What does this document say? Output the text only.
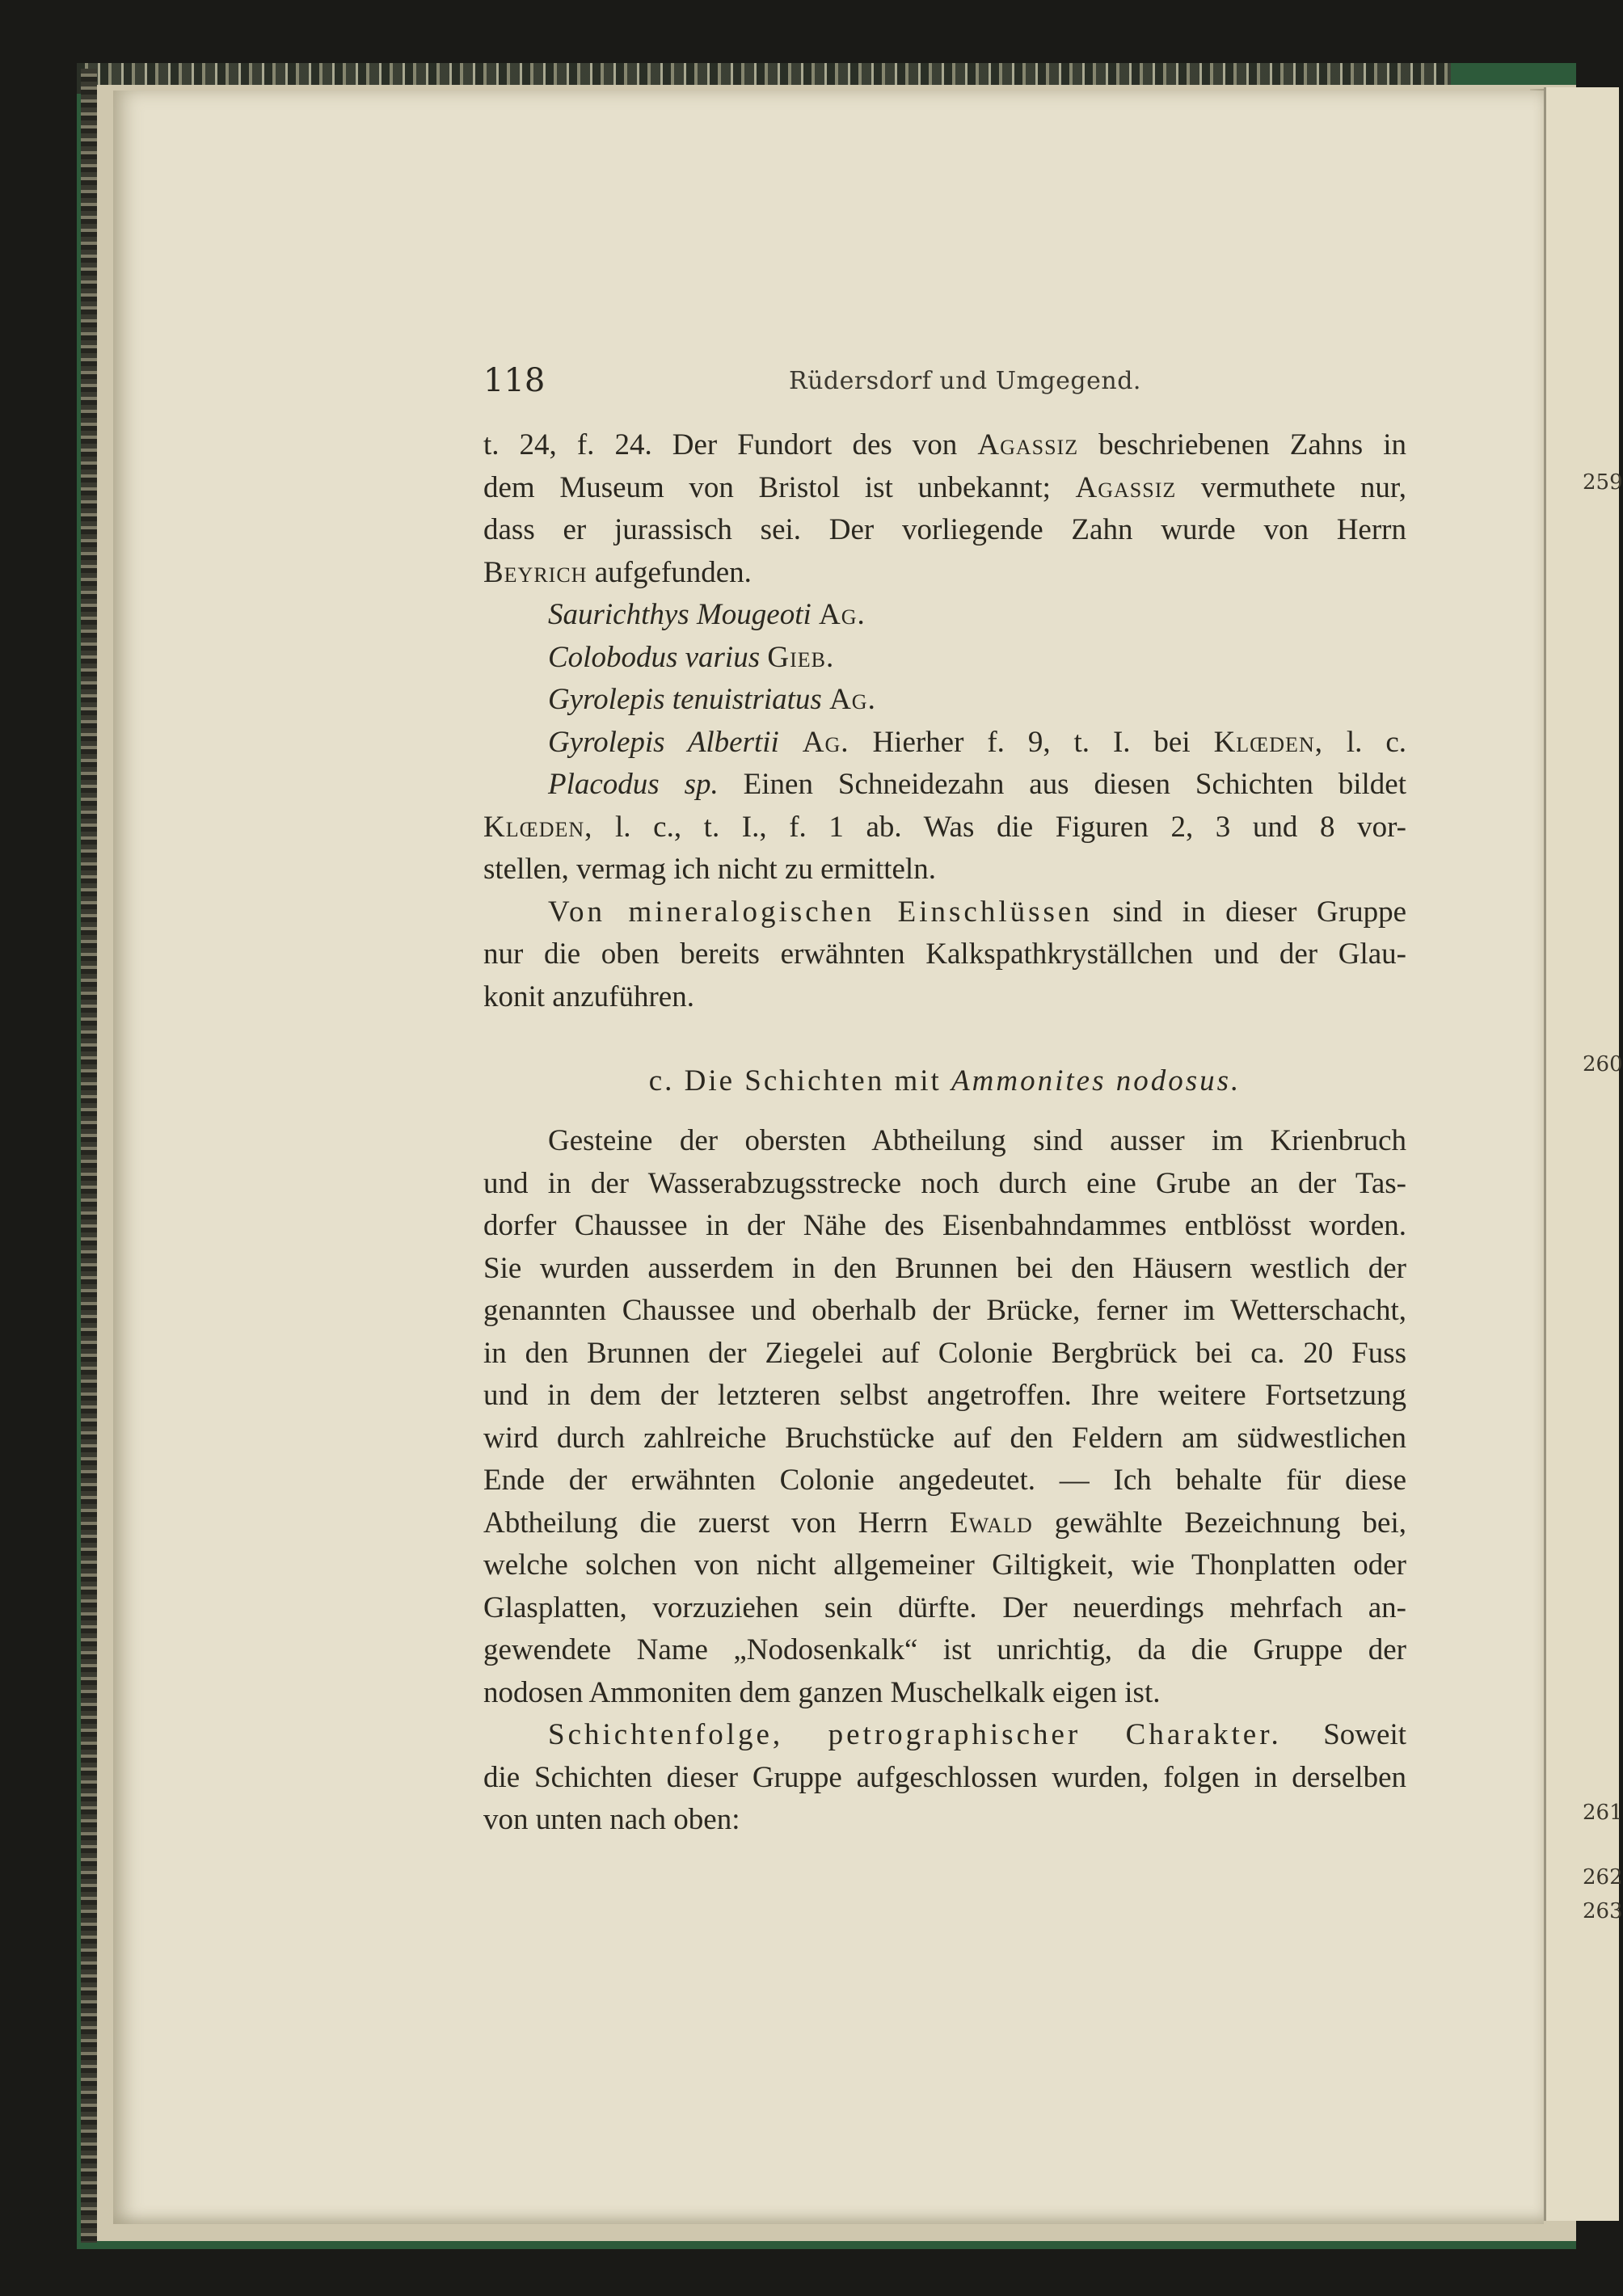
259
260
261
262
263
118	Rüdersdorf und Umgegend.
t. 24, f. 24. Der Fundort des von Agassiz beschriebenen Zahns in
dem Museum von Bristol ist unbekannt; Agassiz vermuthete nur,
dass er jurassisch sei. Der vorliegende Zahn wurde von Herrn
Beyrich aufgefunden.
Saurichthys Mougeoti Ag.
Colobodus varius Gieb.
Gyrolepis tenuistriatus Ag.
Gyrolepis Albertii Ag. Hierher f. 9, t. I. bei Klœden, l. c.
Placodus sp. Einen Schneidezahn aus diesen Schichten bildet
Klœden, l. c., t. I., f. 1 ab. Was die Figuren 2, 3 und 8 vor-
stellen, vermag ich nicht zu ermitteln.
Von mineralogischen Einschlüssen sind in dieser Gruppe
nur die oben bereits erwähnten Kalkspathkryställchen und der Glau-
konit anzuführen.
c. Die Schichten mit Ammonites nodosus.
Gesteine der obersten Abtheilung sind ausser im Krienbruch
und in der Wasserabzugsstrecke noch durch eine Grube an der Tas-
dorfer Chaussee in der Nähe des Eisenbahndammes entblösst worden.
Sie wurden ausserdem in den Brunnen bei den Häusern westlich der
genannten Chaussee und oberhalb der Brücke, ferner im Wetterschacht,
in den Brunnen der Ziegelei auf Colonie Bergbrück bei ca. 20 Fuss
und in dem der letzteren selbst angetroffen. Ihre weitere Fortsetzung
wird durch zahlreiche Bruchstücke auf den Feldern am südwestlichen
Ende der erwähnten Colonie angedeutet. — Ich behalte für diese
Abtheilung die zuerst von Herrn Ewald gewählte Bezeichnung bei,
welche solchen von nicht allgemeiner Giltigkeit, wie Thonplatten oder
Glasplatten, vorzuziehen sein dürfte. Der neuerdings mehrfach an-
gewendete Name „Nodosenkalk“ ist unrichtig, da die Gruppe der
nodosen Ammoniten dem ganzen Muschelkalk eigen ist.
Schichtenfolge, petrographischer Charakter. Soweit
die Schichten dieser Gruppe aufgeschlossen wurden, folgen in derselben
von unten nach oben:
